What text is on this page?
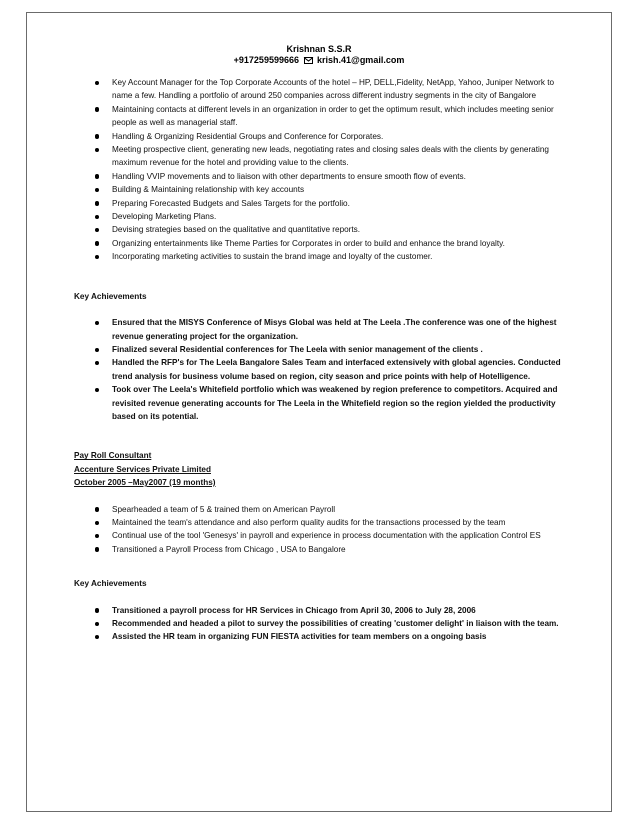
Krishnan S.S.R
+917259599666 krish.41@gmail.com
Key Account Manager for the Top Corporate Accounts of the hotel – HP, DELL,Fidelity, NetApp, Yahoo, Juniper Network to name a few. Handling a portfolio of around 250 companies across different industry segments in the city of Bangalore
Maintaining contacts at different levels in an organization in order to get the optimum result, which includes meeting senior people as well as managerial staff.
Handling & Organizing Residential Groups and Conference for Corporates.
Meeting prospective client, generating new leads, negotiating rates and closing sales deals with the clients by generating maximum revenue for the hotel and providing value to the clients.
Handling VVIP movements and to liaison with other departments to ensure smooth flow of events.
Building & Maintaining relationship with key accounts
Preparing Forecasted Budgets and Sales Targets for the portfolio.
Developing Marketing Plans.
Devising strategies based on the qualitative and quantitative reports.
Organizing entertainments like Theme Parties for Corporates in order to build and enhance the brand loyalty.
Incorporating marketing activities to sustain the brand image and loyalty of the customer.
Key Achievements
Ensured that the MISYS Conference of Misys Global was held at The Leela .The conference was one of the highest revenue generating project for the organization.
Finalized several Residential conferences for The Leela with senior management of the clients .
Handled the RFP's for The Leela Bangalore Sales Team and interfaced extensively with global agencies. Conducted trend analysis for business volume based on region, city season and price points with help of Hotelligence.
Took over The Leela's Whitefield portfolio which was weakened by region preference to competitors. Acquired and revisited revenue generating accounts for The Leela in the Whitefield region so the region yielded the productivity based on its potential.
Pay Roll Consultant
Accenture Services Private Limited
October 2005 –May2007 (19 months)
Spearheaded a team of 5 & trained them on American Payroll
Maintained the team's attendance and also perform quality audits for the transactions processed by the team
Continual use of the tool 'Genesys' in payroll and experience in process documentation with the application Control ES
Transitioned a Payroll Process from Chicago , USA to Bangalore
Key Achievements
Transitioned a payroll process for HR Services in Chicago from April 30, 2006 to July 28, 2006
Recommended and headed a pilot to survey the possibilities of creating 'customer delight' in liaison with the team.
Assisted the HR team in organizing FUN FIESTA activities for team members on a ongoing basis
